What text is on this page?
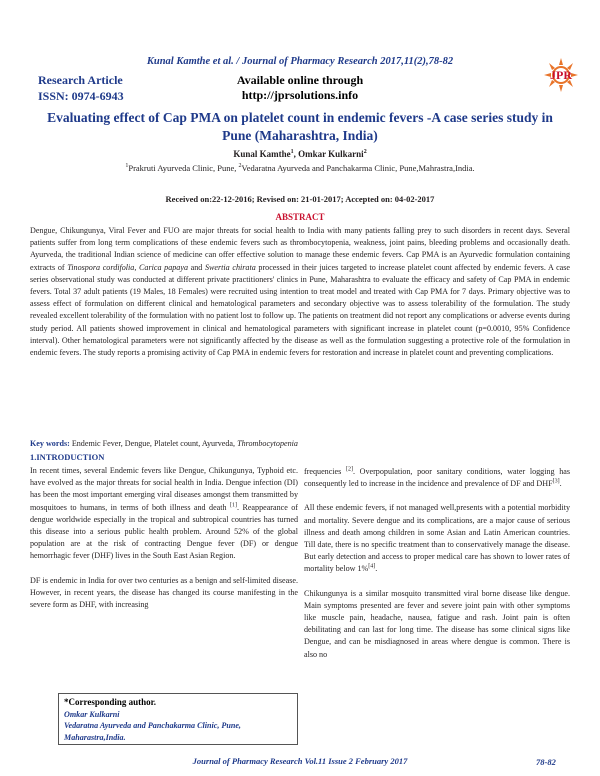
Kunal Kamthe et al. / Journal of Pharmacy Research 2017,11(2),78-82
Research Article
ISSN: 0974-6943
Available online through
http://jprsolutions.info
JPR
Evaluating effect of Cap PMA on platelet count in endemic fevers -A case series study in Pune (Maharashtra, India)
Kunal Kamthe$^1$, Omkar Kulkarni$^2$
$^1$Prakruti Ayurveda Clinic, Pune, $^2$Vedaratna Ayurveda and Panchakarma Clinic, Pune,Mahrastra,India.
Received on:22-12-2016; Revised on: 21-01-2017; Accepted on: 04-02-2017
ABSTRACT

Dengue, Chikungunya, Viral Fever and FUO are major threats for social health to India with many patients falling prey to such disorders in recent days. Several patients suffer from long term complications of these endemic fevers such as thrombocytopenia, weakness, joint pains, bleeding problems and occasionally death. Ayurveda, the traditional Indian science of medicine can offer effective solution to manage these endemic fevers. Cap PMA is an Ayurvedic formulation containing extracts of Tinospora cordifolia, Carica papaya and Swertia chirata processed in their juices targeted to increase platelet count affected by endemic fevers. A case series observational study was conducted at different private practitioners' clinics in Pune, Maharashtra to evaluate the efficacy and safety of Cap PMA in endemic fevers. Total 37 adult patients (19 Males, 18 Females) were recruited using intention to treat model and treated with Cap PMA for 7 days. Primary objective was to assess effect of formulation on different clinical and hematological parameters and secondary objective was to assess tolerability of the formulation. The study revealed excellent tolerability of the formulation with no patient lost to follow up. The patients on treatment did not report any complications or adverse events during study period. All patients showed improvement in clinical and hematological parameters with significant increase in platelet count (p=0.0010, 95% Confidence interval). Other hematological parameters were not significantly affected by the disease as well as the formulation suggesting a protective role of the formulation in endemic fevers. The study reports a promising activity of Cap PMA in endemic fevers for restoration and increase in platelet count and preventing complications.

Key words: Endemic Fever, Dengue, Platelet count, Ayurveda, Thrombocytopenia
1.INTRODUCTION

In recent times, several Endemic fevers like Dengue, Chikungunya, Typhoid etc. have evolved as the major threats for social health in India. Dengue infection (DI) has been the most important emerging viral diseases amongst them transmitted by mosquitoes to humans, in terms of both illness and death [1]. Reappearance of dengue worldwide especially in the tropical and subtropical countries has turned this disease into a serious public health problem. Around 52% of the global population are at the risk of contracting Dengue fever (DF) or dengue hemorrhagic fever (DHF) lives in the South East Asian Region.

DF is endemic in India for over two centuries as a benign and self-limited disease. However, in recent years, the disease has changed its course manifesting in the severe form as DHF, with increasing

frequencies [2]. Overpopulation, poor sanitary conditions, water logging has consequently led to increase in the incidence and prevalence of DF and DHF[3].

All these endemic fevers, if not managed well,presents with a potential morbidity and mortality. Severe dengue and its complications, are a major cause of serious illness and death among children in some Asian and Latin American countries. Till date, there is no specific treatment than to conservatively manage the disease. But early detection and access to proper medical care has shown to lower rates of mortality below 1%[4].

Chikungunya is a similar mosquito transmitted viral borne disease like dengue. Main symptoms presented are fever and severe joint pain with other symptoms like muscle pain, headache, nausea, fatigue and rash. Joint pain is often debilitating and can last for long time. The disease has some clinical signs like Dengue, and can be misdiagnosed in areas where dengue is common. There is also no

*Corresponding author.
Omkar Kulkarni
Vedaratna Ayurveda and Panchakarma Clinic, Pune, Maharastra,India.
Journal of Pharmacy Research Vol.11 Issue 2 February 2017	78-82
